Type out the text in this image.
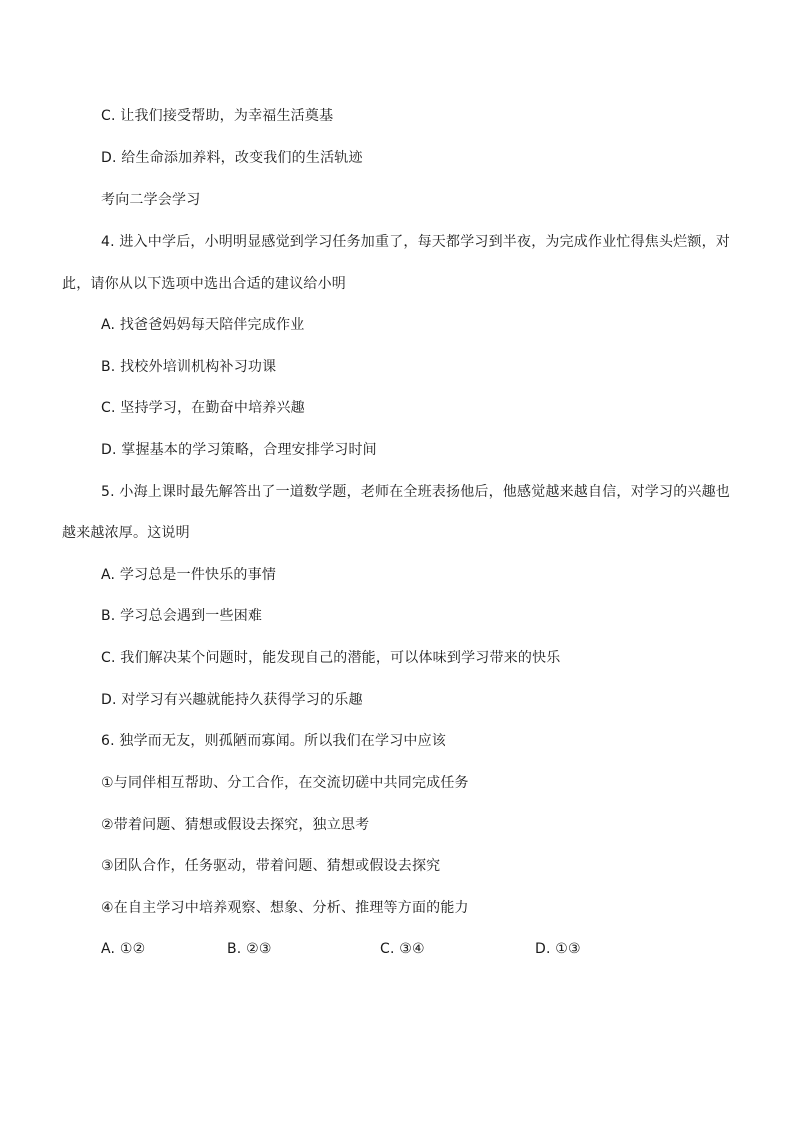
C. 让我们接受帮助，为幸福生活奠基
D. 给生命添加养料，改变我们的生活轨迹
考向二学会学习
4. 进入中学后，小明明显感觉到学习任务加重了，每天都学习到半夜，为完成作业忙得焦头烂额，对
此，请你从以下选项中选出合适的建议给小明
A. 找爸爸妈妈每天陪伴完成作业
B. 找校外培训机构补习功课
C. 坚持学习，在勤奋中培养兴趣
D. 掌握基本的学习策略，合理安排学习时间
5. 小海上课时最先解答出了一道数学题，老师在全班表扬他后，他感觉越来越自信，对学习的兴趣也
越来越浓厚。这说明
A. 学习总是一件快乐的事情
B. 学习总会遇到一些困难
C. 我们解决某个问题时，能发现自己的潜能，可以体味到学习带来的快乐
D. 对学习有兴趣就能持久获得学习的乐趣
6. 独学而无友，则孤陋而寡闻。所以我们在学习中应该
①与同伴相互帮助、分工合作，在交流切磋中共同完成任务
②带着问题、猜想或假设去探究，独立思考
③团队合作，任务驱动，带着问题、猜想或假设去探究
④在自主学习中培养观察、想象、分析、推理等方面的能力
A. ①②	B. ②③	C. ③④	D. ①③
